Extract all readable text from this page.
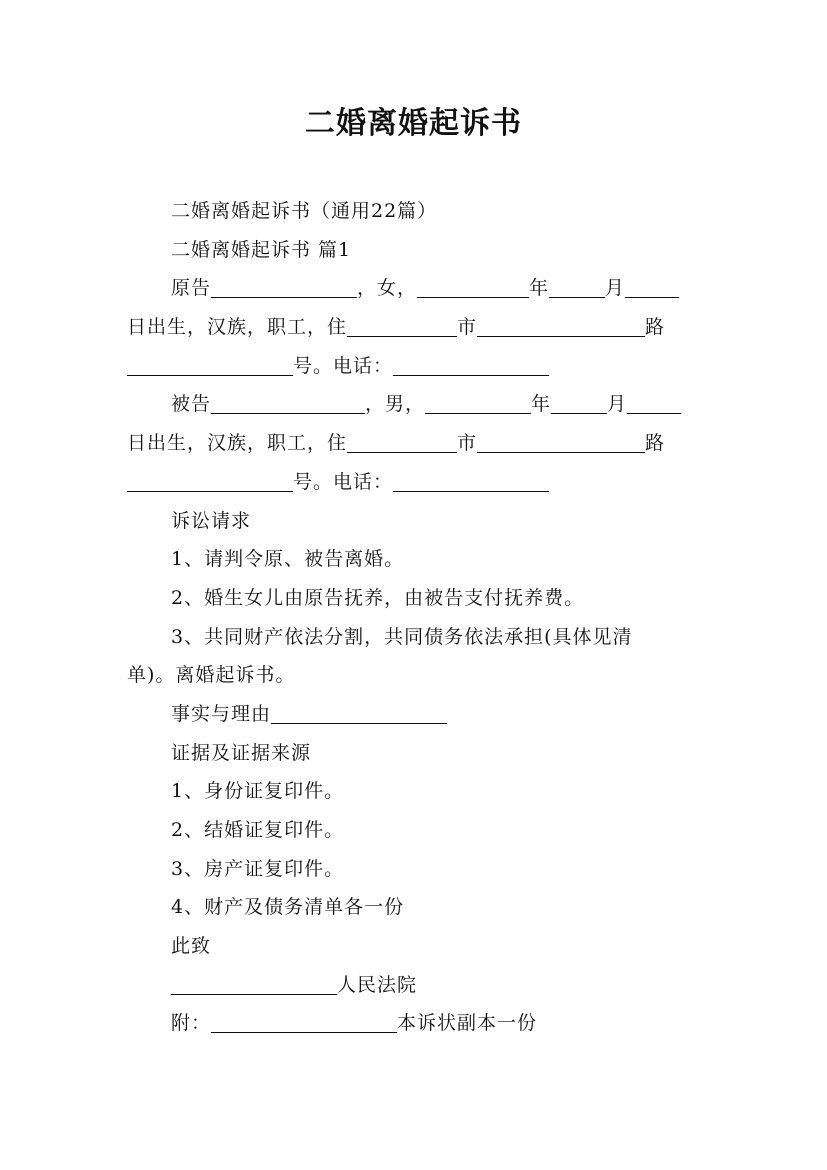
二婚离婚起诉书
二婚离婚起诉书（通用22篇）
二婚离婚起诉书 篇1
原告	，女，	年	月
日出生，汉族，职工，住	市	路
号。电话：
被告	，男，	年	月
日出生，汉族，职工，住	市	路
号。电话：
诉讼请求
1、请判令原、被告离婚。
2、婚生女儿由原告抚养，由被告支付抚养费。
3、共同财产依法分割，共同债务依法承担(具体见清
单)。离婚起诉书。
事实与理由
证据及证据来源
1、身份证复印件。
2、结婚证复印件。
3、房产证复印件。
4、财产及债务清单各一份
此致
人民法院
附：	本诉状副本一份
